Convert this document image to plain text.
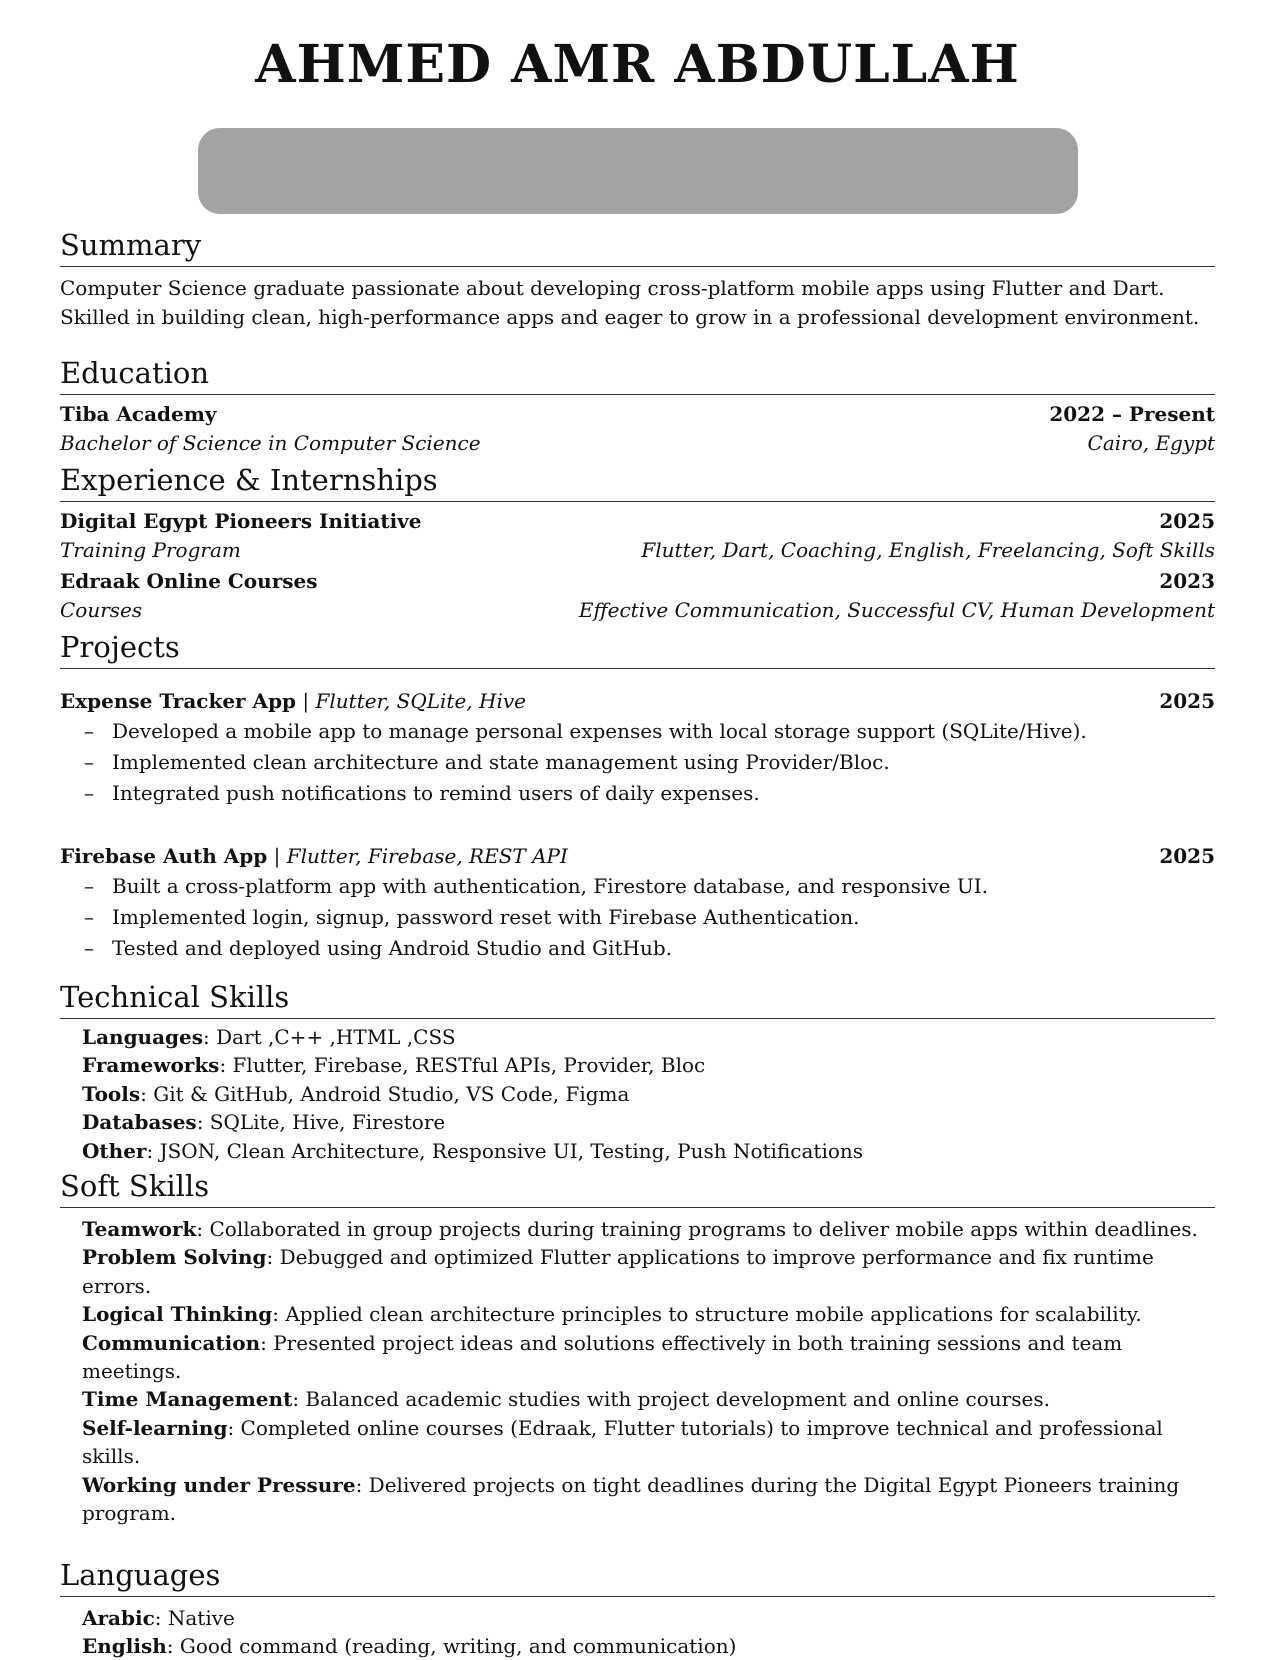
AHMED AMR ABDULLAH
Summary

Computer Science graduate passionate about developing cross-platform mobile apps using Flutter and Dart. Skilled in building clean, high-performance apps and eager to grow in a professional development environment.

Education
Tiba Academy	2022 – Present
Bachelor of Science in Computer Science	Cairo, Egypt
Experience & Internships
Digital Egypt Pioneers Initiative	2025
Training Program	Flutter, Dart, Coaching, English, Freelancing, Soft Skills
Edraak Online Courses	2023
Courses	Effective Communication, Successful CV, Human Development
Projects
Expense Tracker App | Flutter, SQLite, Hive	2025
– Developed a mobile app to manage personal expenses with local storage support (SQLite/Hive).
– Implemented clean architecture and state management using Provider/Bloc.
– Integrated push notifications to remind users of daily expenses.
Firebase Auth App | Flutter, Firebase, REST API	2025
– Built a cross-platform app with authentication, Firestore database, and responsive UI.
– Implemented login, signup, password reset with Firebase Authentication.
– Tested and deployed using Android Studio and GitHub.
Technical Skills
Languages: Dart ,C++ ,HTML ,CSS
Frameworks: Flutter, Firebase, RESTful APIs, Provider, Bloc
Tools: Git & GitHub, Android Studio, VS Code, Figma
Databases: SQLite, Hive, Firestore
Other: JSON, Clean Architecture, Responsive UI, Testing, Push Notifications
Soft Skills
Teamwork: Collaborated in group projects during training programs to deliver mobile apps within deadlines.
Problem Solving: Debugged and optimized Flutter applications to improve performance and fix runtime errors.
Logical Thinking: Applied clean architecture principles to structure mobile applications for scalability.
Communication: Presented project ideas and solutions effectively in both training sessions and team meetings.
Time Management: Balanced academic studies with project development and online courses.
Self-learning: Completed online courses (Edraak, Flutter tutorials) to improve technical and professional skills.
Working under Pressure: Delivered projects on tight deadlines during the Digital Egypt Pioneers training program.
Languages
Arabic: Native
English: Good command (reading, writing, and communication)
